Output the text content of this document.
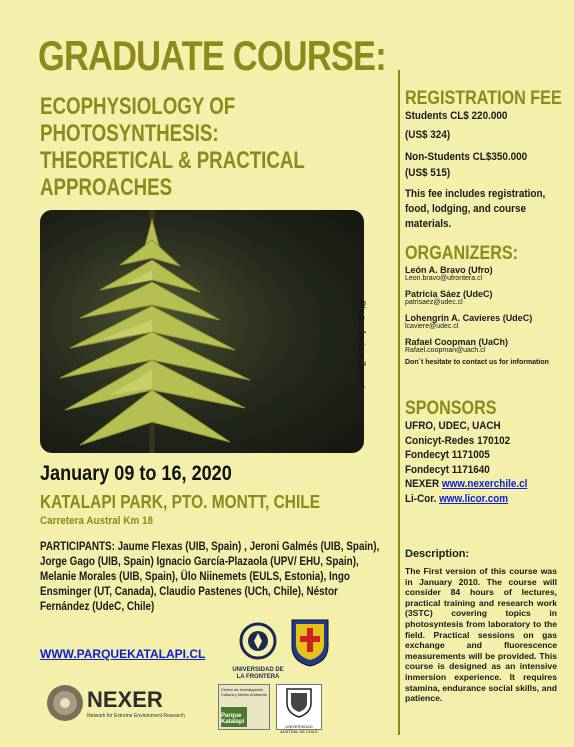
GRADUATE COURSE:
ECOPHYSIOLOGY OF
PHOTOSYNTHESIS:
THEORETICAL & PRACTICAL
APPROACHES
Photo: Javiera Zerené
January 09 to 16, 2020
KATALAPI PARK, PTO. MONTT, CHILE
Carretera Austral Km 18
PARTICIPANTS: Jaume Flexas (UIB, Spain) , Jeroni Galmés (UIB, Spain), Jorge Gago (UIB, Spain) Ignacio García-Plazaola (UPV/ EHU, Spain), Melanie Morales (UIB, Spain), Ülo Niinemets (EULS, Estonia), Ingo Ensminger (UT, Canada), Claudio Pastenes (UCh, Chile), Néstor Fernández (UdeC, Chile)
WWW.PARQUEKATALAPI.CL
REGISTRATION FEE
Students CL$ 220.000
(US$ 324)
Non-Students CL$350.000
(US$ 515)
This fee includes registration, food, lodging, and course materials.
ORGANIZERS:
León A. Bravo (Ufro)
Leon.bravo@ufrontera.cl
Patricia Sáez (UdeC)
patrisaez@udec.cl
Lohengrin A. Cavieres (UdeC)
lcaviere@udec.cl
Rafael Coopman (UaCh)
Rafael.coopman@uach.cl
Don´t hesitate to contact us for information
SPONSORS
UFRO, UDEC, UACH
Conicyt-Redes 170102
Fondecyt 1171005
Fondecyt 1171640
NEXER www.nexerchile.cl
Li-Cor. www.licor.com
Description:
The First version of this course was in January 2010. The course will consider 84 hours of lectures, practical training and research work (3STC) covering topics in photosyntesis from laboratory to the field. Practical sessions on gas exchange and fluorescence measurements will be provided. This course is designed as an intensive inmersion experience. It requires stamina, endurance social skills, and patience.
UNIVERSIDAD DE LA FRONTERA
NEXER
Network for Extreme Environment Research
Centro de Investigación Cultura y Medio Ambiente
Parque Katalapi
UNIVERSIDAD AUSTRAL DE CHILE
